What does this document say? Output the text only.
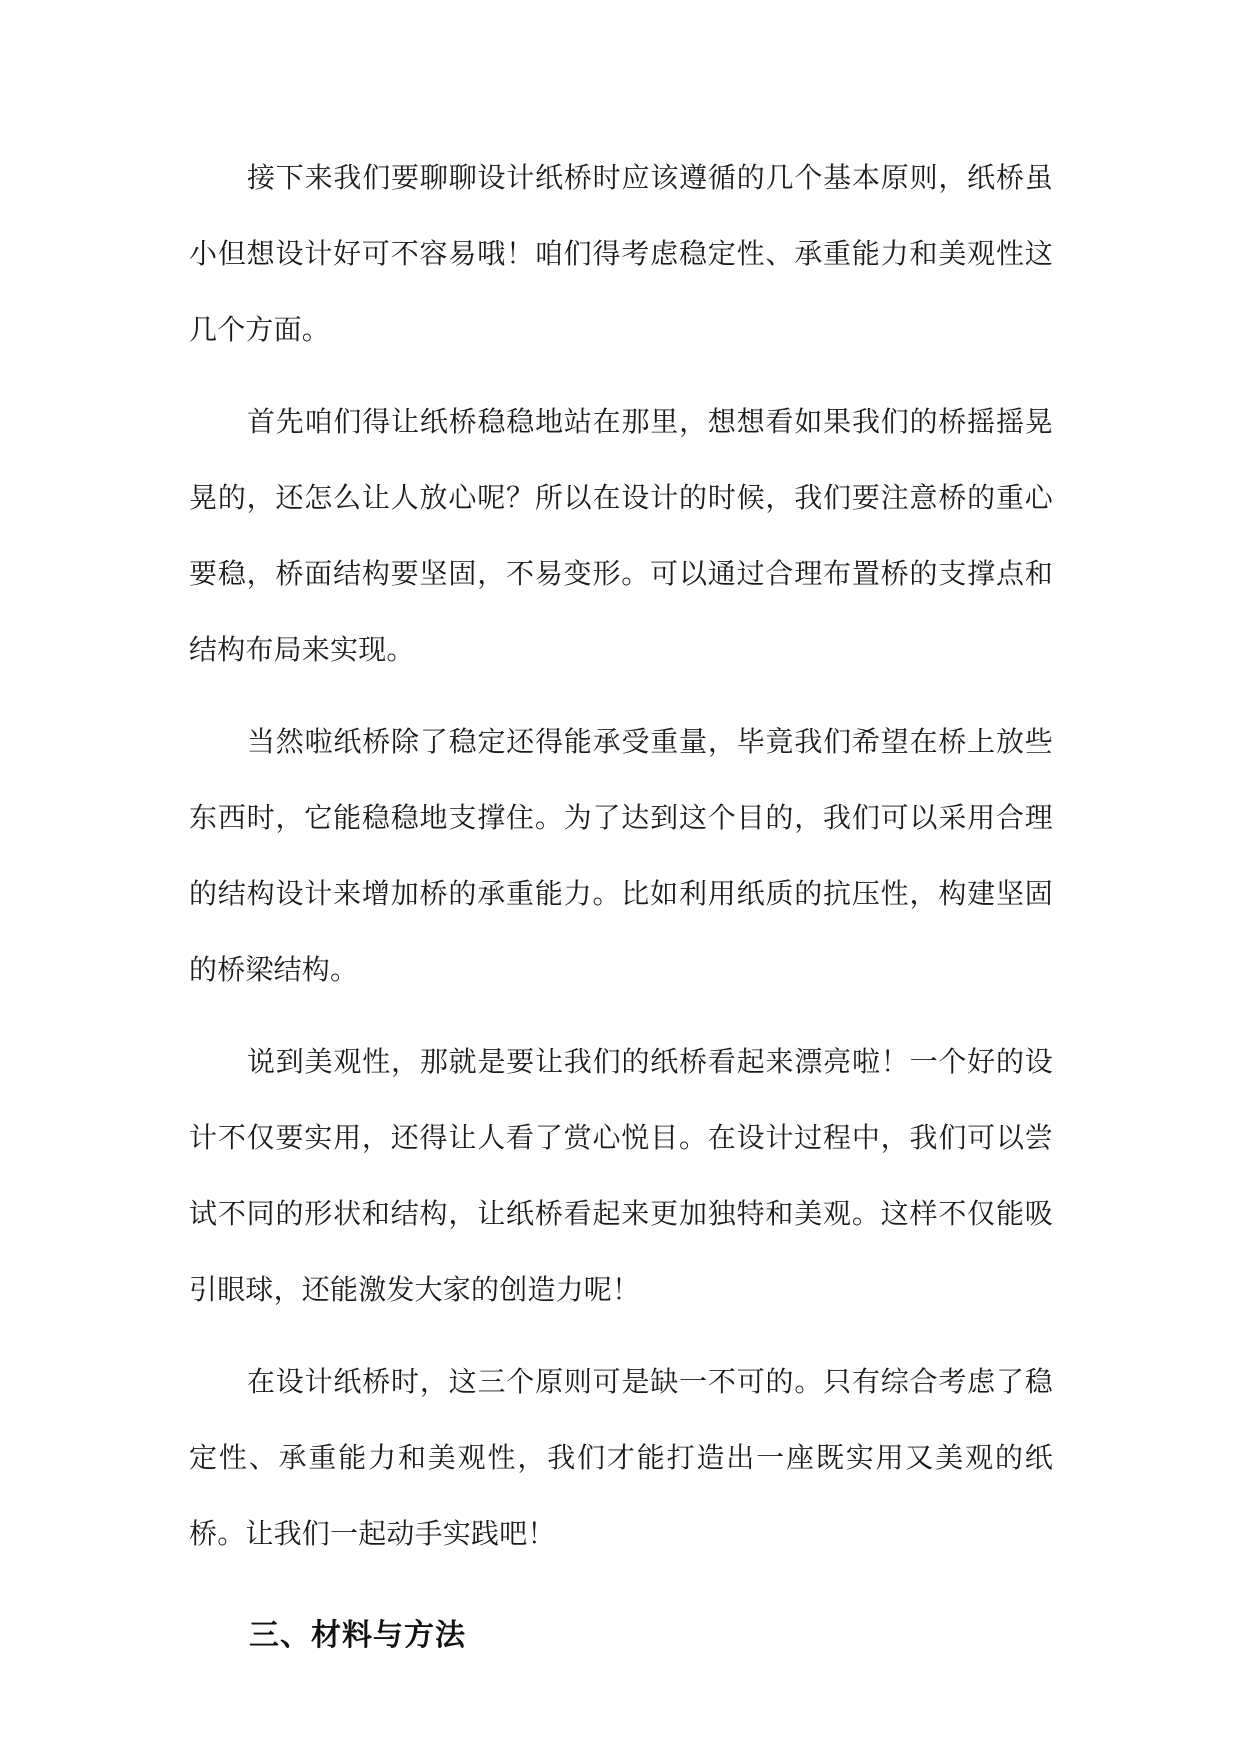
接下来我们要聊聊设计纸桥时应该遵循的几个基本原则，纸桥虽小但想设计好可不容易哦！咱们得考虑稳定性、承重能力和美观性这几个方面。

首先咱们得让纸桥稳稳地站在那里，想想看如果我们的桥摇摇晃晃的，还怎么让人放心呢？所以在设计的时候，我们要注意桥的重心要稳，桥面结构要坚固，不易变形。可以通过合理布置桥的支撑点和结构布局来实现。

当然啦纸桥除了稳定还得能承受重量，毕竟我们希望在桥上放些东西时，它能稳稳地支撑住。为了达到这个目的，我们可以采用合理的结构设计来增加桥的承重能力。比如利用纸质的抗压性，构建坚固的桥梁结构。

说到美观性，那就是要让我们的纸桥看起来漂亮啦！一个好的设计不仅要实用，还得让人看了赏心悦目。在设计过程中，我们可以尝试不同的形状和结构，让纸桥看起来更加独特和美观。这样不仅能吸引眼球，还能激发大家的创造力呢！

在设计纸桥时，这三个原则可是缺一不可的。只有综合考虑了稳定性、承重能力和美观性，我们才能打造出一座既实用又美观的纸桥。让我们一起动手实践吧！

三、材料与方法
